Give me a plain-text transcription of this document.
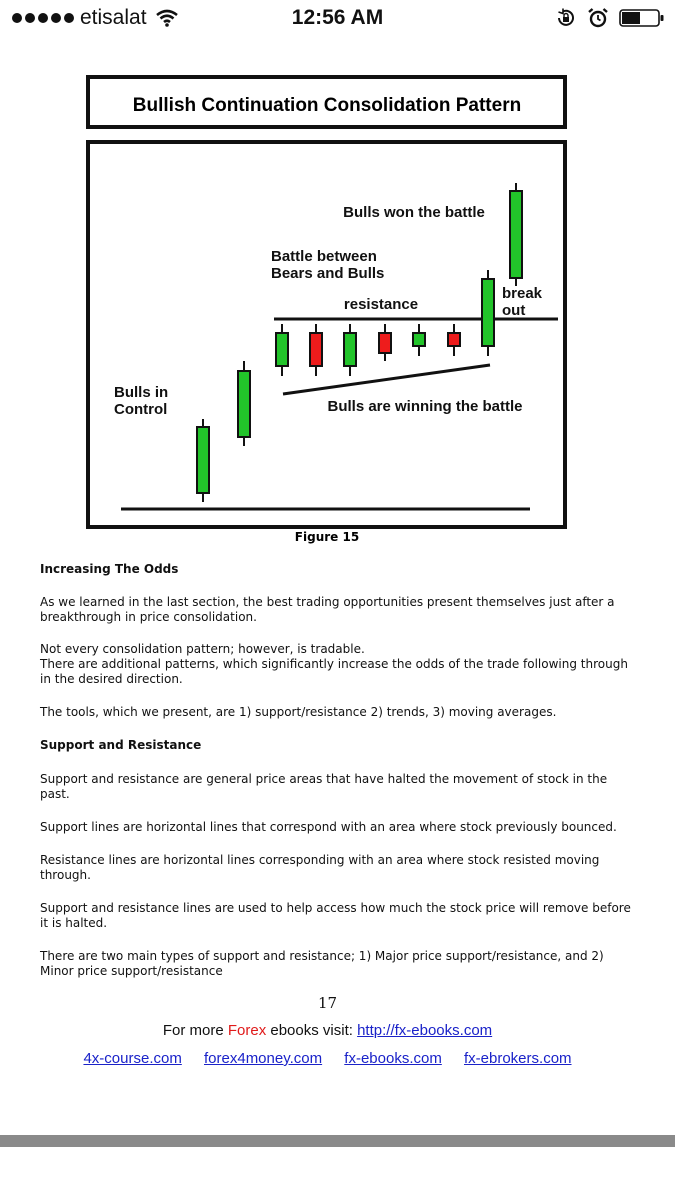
etisalat	12:56 AM
Bullish Continuation Consolidation Pattern
Bulls won the battle
Battle between
Bears and Bulls
resistance
break
out
Bulls in
Control	Bulls are winning the battle
Figure 15

Increasing The Odds

As we learned in the last section, the best trading opportunities present themselves just after a breakthrough in price consolidation.

Not every consolidation pattern; however, is tradable.

There are additional patterns, which significantly increase the odds of the trade following through in the desired direction.

The tools, which we present, are 1) support/resistance 2) trends, 3) moving averages.

Support and Resistance

Support and resistance are general price areas that have halted the movement of stock in the past.

Support lines are horizontal lines that correspond with an area where stock previously bounced.

Resistance lines are horizontal lines corresponding with an area where stock resisted moving through.

Support and resistance lines are used to help access how much the stock price will remove before it is halted.

There are two main types of support and resistance; 1) Major price support/resistance, and 2) Minor price support/resistance

17
For more Forex ebooks visit: http://fx-ebooks.com
4x-course.com forex4money.com fx-ebooks.com fx-ebrokers.com
